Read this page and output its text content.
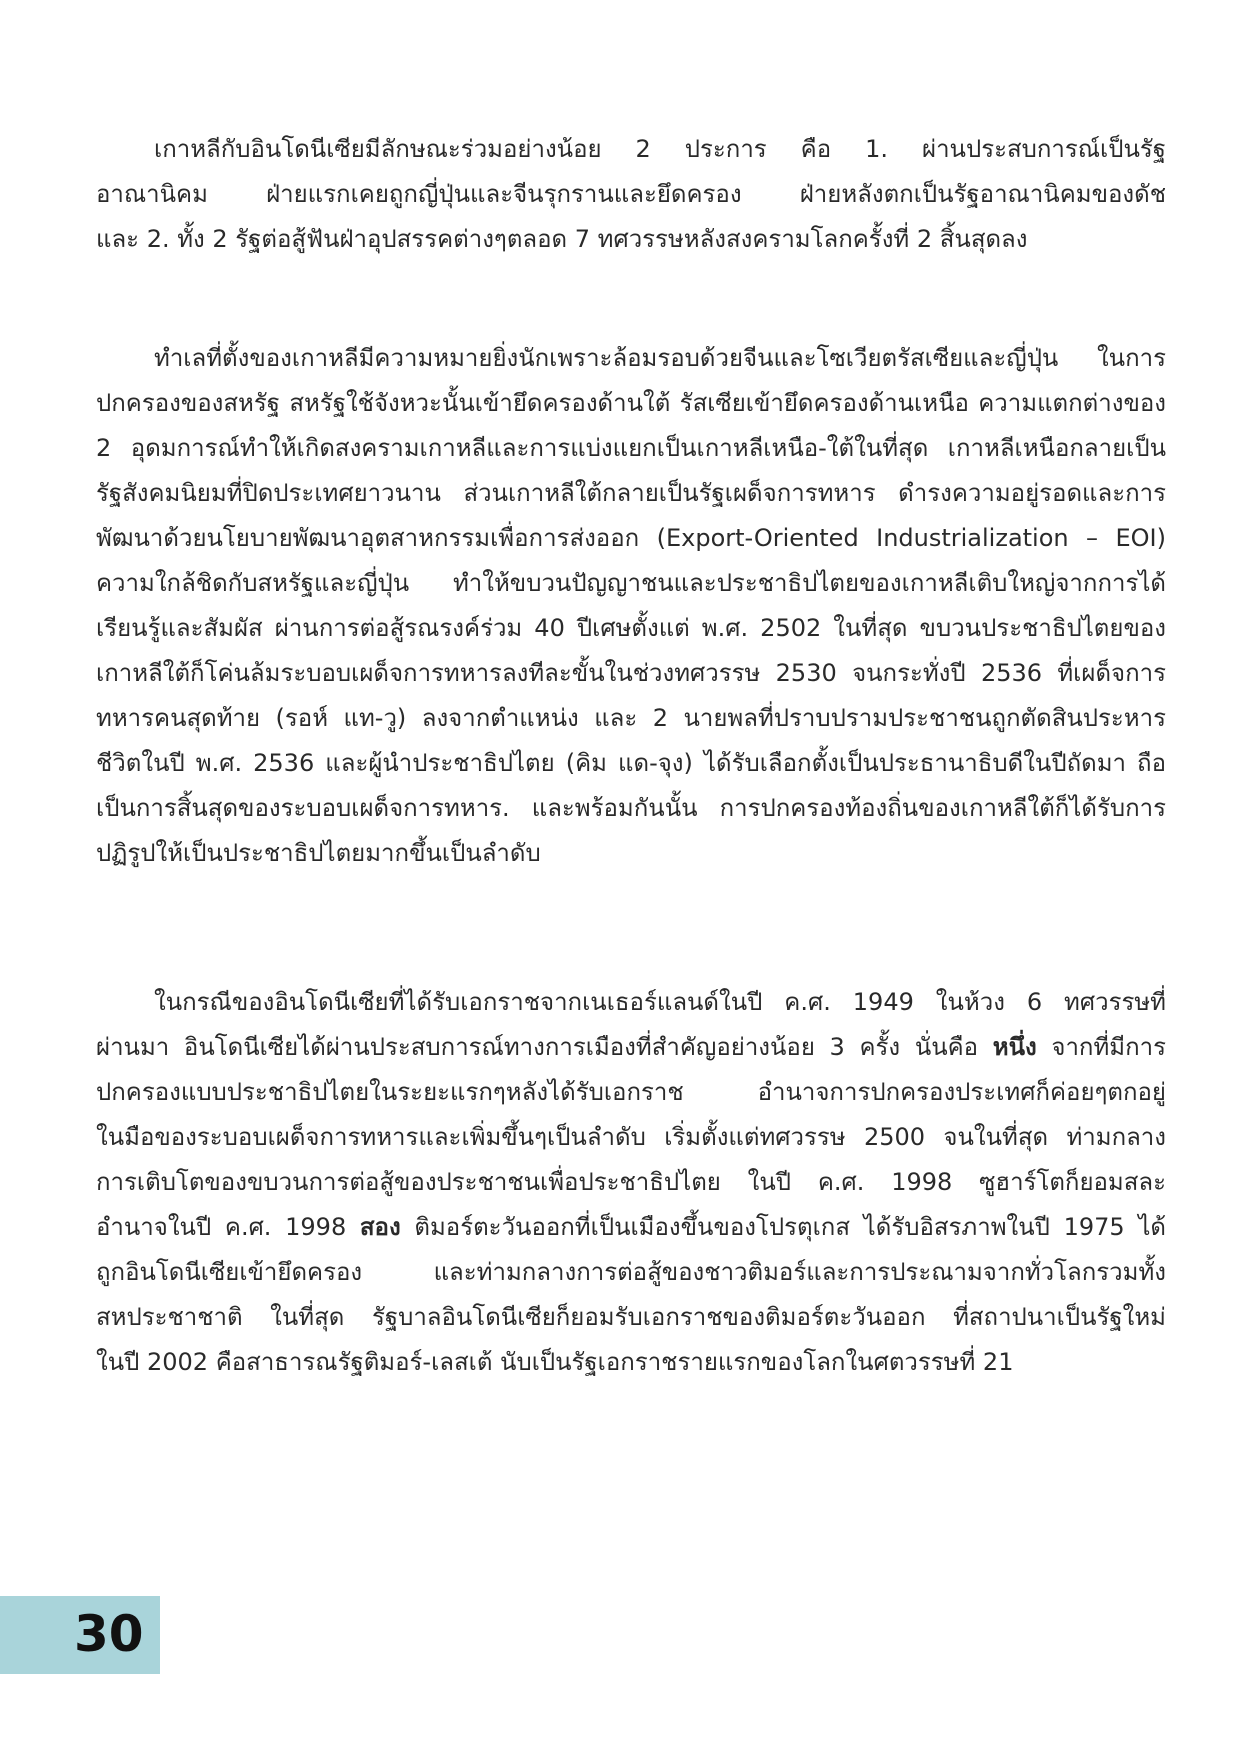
เกาหลีกับอินโดนีเซียมีลักษณะร่วมอย่างน้อย 2 ประการ คือ 1. ผ่านประสบการณ์เป็นรัฐ
อาณานิคม ฝ่ายแรกเคยถูกญี่ปุ่นและจีนรุกรานและยึดครอง ฝ่ายหลังตกเป็นรัฐอาณานิคมของดัช
และ 2. ทั้ง 2 รัฐต่อสู้ฟันฝ่าอุปสรรคต่างๆตลอด 7 ทศวรรษหลังสงครามโลกครั้งที่ 2 สิ้นสุดลง
ทำเลที่ตั้งของเกาหลีมีความหมายยิ่งนักเพราะล้อมรอบด้วยจีนและโซเวียตรัสเซียและญี่ปุ่น ในการ
ปกครองของสหรัฐ สหรัฐใช้จังหวะนั้นเข้ายึดครองด้านใต้ รัสเซียเข้ายึดครองด้านเหนือ ความแตกต่างของ
2 อุดมการณ์ทำให้เกิดสงครามเกาหลีและการแบ่งแยกเป็นเกาหลีเหนือ-ใต้ในที่สุด เกาหลีเหนือกลายเป็น
รัฐสังคมนิยมที่ปิดประเทศยาวนาน ส่วนเกาหลีใต้กลายเป็นรัฐเผด็จการทหาร ดำรงความอยู่รอดและการ
พัฒนาด้วยนโยบายพัฒนาอุตสาหกรรมเพื่อการส่งออก (Export-Oriented Industrialization – EOI)
ความใกล้ชิดกับสหรัฐและญี่ปุ่น ทำให้ขบวนปัญญาชนและประชาธิปไตยของเกาหลีเติบใหญ่จากการได้
เรียนรู้และสัมผัส ผ่านการต่อสู้รณรงค์ร่วม 40 ปีเศษตั้งแต่ พ.ศ. 2502 ในที่สุด ขบวนประชาธิปไตยของ
เกาหลีใต้ก็โค่นล้มระบอบเผด็จการทหารลงทีละขั้นในช่วงทศวรรษ 2530 จนกระทั่งปี 2536 ที่เผด็จการ
ทหารคนสุดท้าย (รอห์ แท-วู) ลงจากตำแหน่ง และ 2 นายพลที่ปราบปรามประชาชนถูกตัดสินประหาร
ชีวิตในปี พ.ศ. 2536 และผู้นำประชาธิปไตย (คิม แด-จุง) ได้รับเลือกตั้งเป็นประธานาธิบดีในปีถัดมา ถือ
เป็นการสิ้นสุดของระบอบเผด็จการทหาร. และพร้อมกันนั้น การปกครองท้องถิ่นของเกาหลีใต้ก็ได้รับการ
ปฏิรูปให้เป็นประชาธิปไตยมากขึ้นเป็นลำดับ
ในกรณีของอินโดนีเซียที่ได้รับเอกราชจากเนเธอร์แลนด์ในปี ค.ศ. 1949 ในห้วง 6 ทศวรรษที่
ผ่านมา อินโดนีเซียได้ผ่านประสบการณ์ทางการเมืองที่สำคัญอย่างน้อย 3 ครั้ง นั่นคือ หนึ่ง จากที่มีการ
ปกครองแบบประชาธิปไตยในระยะแรกๆหลังได้รับเอกราช อำนาจการปกครองประเทศก็ค่อยๆตกอยู่
ในมือของระบอบเผด็จการทหารและเพิ่มขึ้นๆเป็นลำดับ เริ่มตั้งแต่ทศวรรษ 2500 จนในที่สุด ท่ามกลาง
การเติบโตของขบวนการต่อสู้ของประชาชนเพื่อประชาธิปไตย ในปี ค.ศ. 1998 ซูฮาร์โตก็ยอมสละ
อำนาจในปี ค.ศ. 1998 สอง ติมอร์ตะวันออกที่เป็นเมืองขึ้นของโปรตุเกส ได้รับอิสรภาพในปี 1975 ได้
ถูกอินโดนีเซียเข้ายึดครอง และท่ามกลางการต่อสู้ของชาวติมอร์และการประณามจากทั่วโลกรวมทั้ง
สหประชาชาติ ในที่สุด รัฐบาลอินโดนีเซียก็ยอมรับเอกราชของติมอร์ตะวันออก ที่สถาปนาเป็นรัฐใหม่
ในปี 2002 คือสาธารณรัฐติมอร์-เลสเต้ นับเป็นรัฐเอกราชรายแรกของโลกในศตวรรษที่ 21
30
